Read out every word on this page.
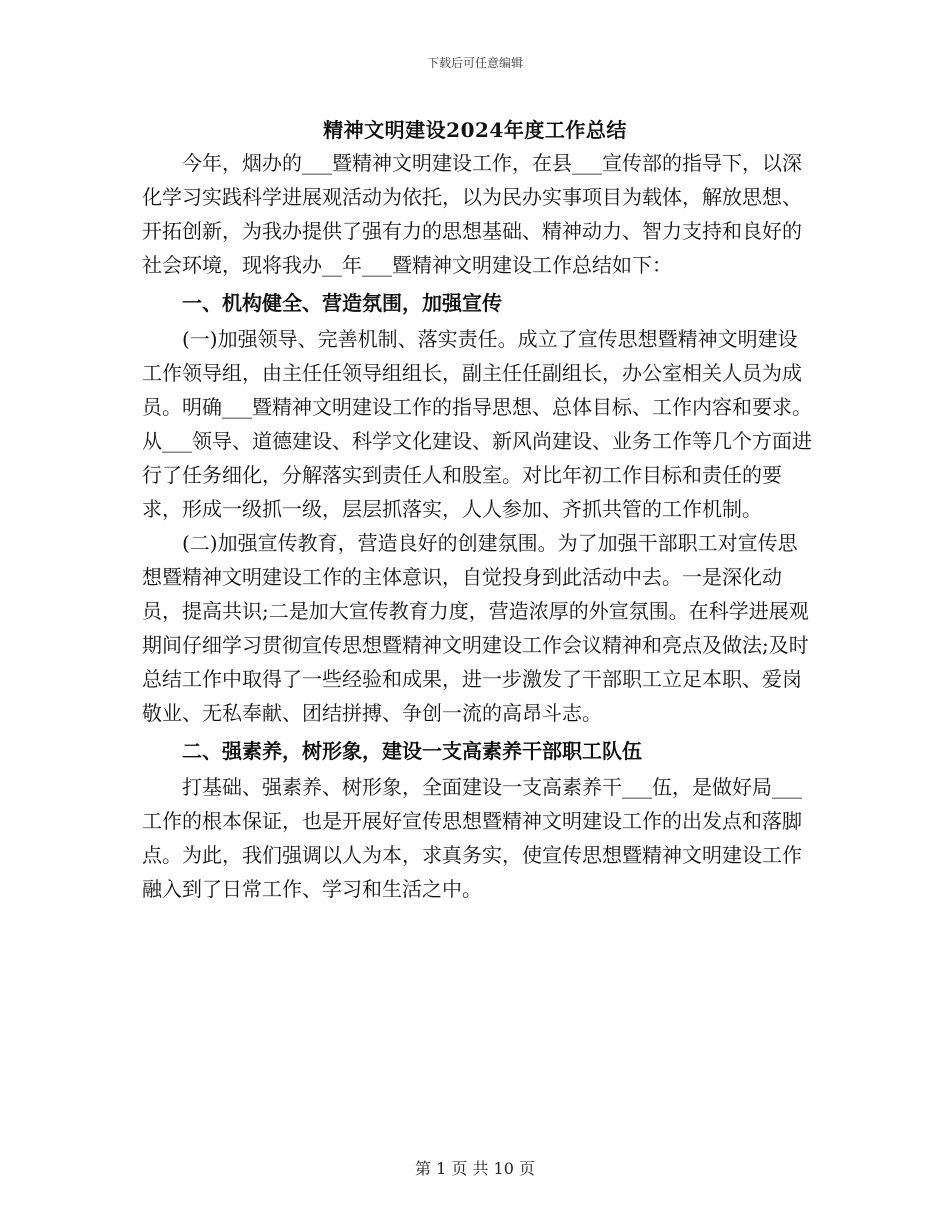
下载后可任意编辑
精神文明建设2024年度工作总结

今年，烟办的___暨精神文明建设工作，在县___宣传部的指导下，以深化学习实践科学进展观活动为依托，以为民办实事项目为载体，解放思想、开拓创新，为我办提供了强有力的思想基础、精神动力、智力支持和良好的社会环境，现将我办__年___暨精神文明建设工作总结如下：

一、机构健全、营造氛围，加强宣传

(一)加强领导、完善机制、落实责任。成立了宣传思想暨精神文明建设工作领导组，由主任任领导组组长，副主任任副组长，办公室相关人员为成员。明确___暨精神文明建设工作的指导思想、总体目标、工作内容和要求。从___领导、道德建设、科学文化建设、新风尚建设、业务工作等几个方面进行了任务细化，分解落实到责任人和股室。对比年初工作目标和责任的要求，形成一级抓一级，层层抓落实，人人参加、齐抓共管的工作机制。

(二)加强宣传教育，营造良好的创建氛围。为了加强干部职工对宣传思想暨精神文明建设工作的主体意识，自觉投身到此活动中去。一是深化动员，提高共识;二是加大宣传教育力度，营造浓厚的外宣氛围。在科学进展观期间仔细学习贯彻宣传思想暨精神文明建设工作会议精神和亮点及做法;及时总结工作中取得了一些经验和成果，进一步激发了干部职工立足本职、爱岗敬业、无私奉献、团结拼搏、争创一流的高昂斗志。

二、强素养，树形象，建设一支高素养干部职工队伍

打基础、强素养、树形象，全面建设一支高素养干___伍，是做好局___工作的根本保证，也是开展好宣传思想暨精神文明建设工作的出发点和落脚点。为此，我们强调以人为本，求真务实，使宣传思想暨精神文明建设工作融入到了日常工作、学习和生活之中。

第 1 页 共 10 页
